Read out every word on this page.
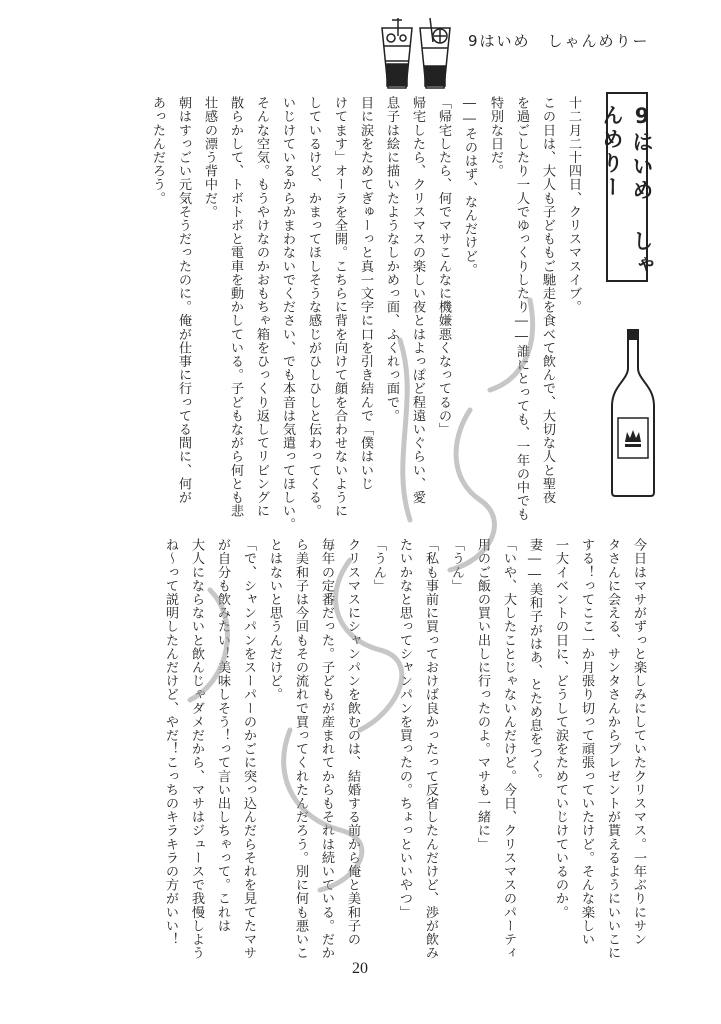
9はいめ　しゃんめりー
9はいめ しゃんめりー
十二月二十四日、クリスマスイブ。
この日は、大人も子どももご馳走を食べて飲んで、大切な人と聖夜
を過ごしたり一人でゆっくりしたり――誰にとっても、一年の中でも
特別な日だ。
――そのはず、なんだけど。
「帰宅したら、何でマサこんなに機嫌悪くなってるの」
帰宅したら、クリスマスの楽しい夜とはよっぽど程遠いぐらい、愛
息子は絵に描いたようなしかめっ面、ふくれっ面で。
目に涙をためてぎゅーっと真一文字に口を引き結んで「僕はいじ
けてます」オーラを全開。こちらに背を向けて顔を合わせないように
しているけど、かまってほしそうな感じがひしひしと伝わってくる。
いじけているからかまわないでください、でも本音は気遣ってほしい。
そんな空気。もうやけなのかおもちゃ箱をひっくり返してリビングに
散らかして、トボトボと電車を動かしている。子どもながら何とも悲
壮感の漂う背中だ。
朝はすっごい元気そうだったのに。俺が仕事に行ってる間に、何が
あったんだろう。
今日はマサがずっと楽しみにしていたクリスマス。一年ぶりにサン
タさんに会える、サンタさんからプレゼントが貰えるようにいいこに
する！ってここ一か月張り切って頑張っていたけど。そんな楽しい
一大イベントの日に、どうして涙をためていじけているのか。
妻――美和子がはあ、とため息をつく。
「いや、大したことじゃないんだけど。今日、クリスマスのパーティ
用のご飯の買い出しに行ったのよ。マサも一緒に」
「うん」
「私も事前に買っておけば良かったって反省したんだけど、渉が飲み
たいかなと思ってシャンパンを買ったの。ちょっといいやつ」
「うん」
クリスマスにシャンパンを飲むのは、結婚する前から俺と美和子の
毎年の定番だった。子どもが産まれてからもそれは続いている。だか
ら美和子は今回もその流れで買ってくれたんだろう。別に何も悪いこ
とはないと思うんだけど。
「で、シャンパンをスーパーのかごに突っ込んだらそれを見てたマサ
が自分も飲みたい！美味しそう！って言い出しちゃって。これは
大人にならないと飲んじゃダメだから、マサはジュースで我慢しよう
ね～って説明したんだけど、やだ！こっちのキラキラの方がいい！
20
